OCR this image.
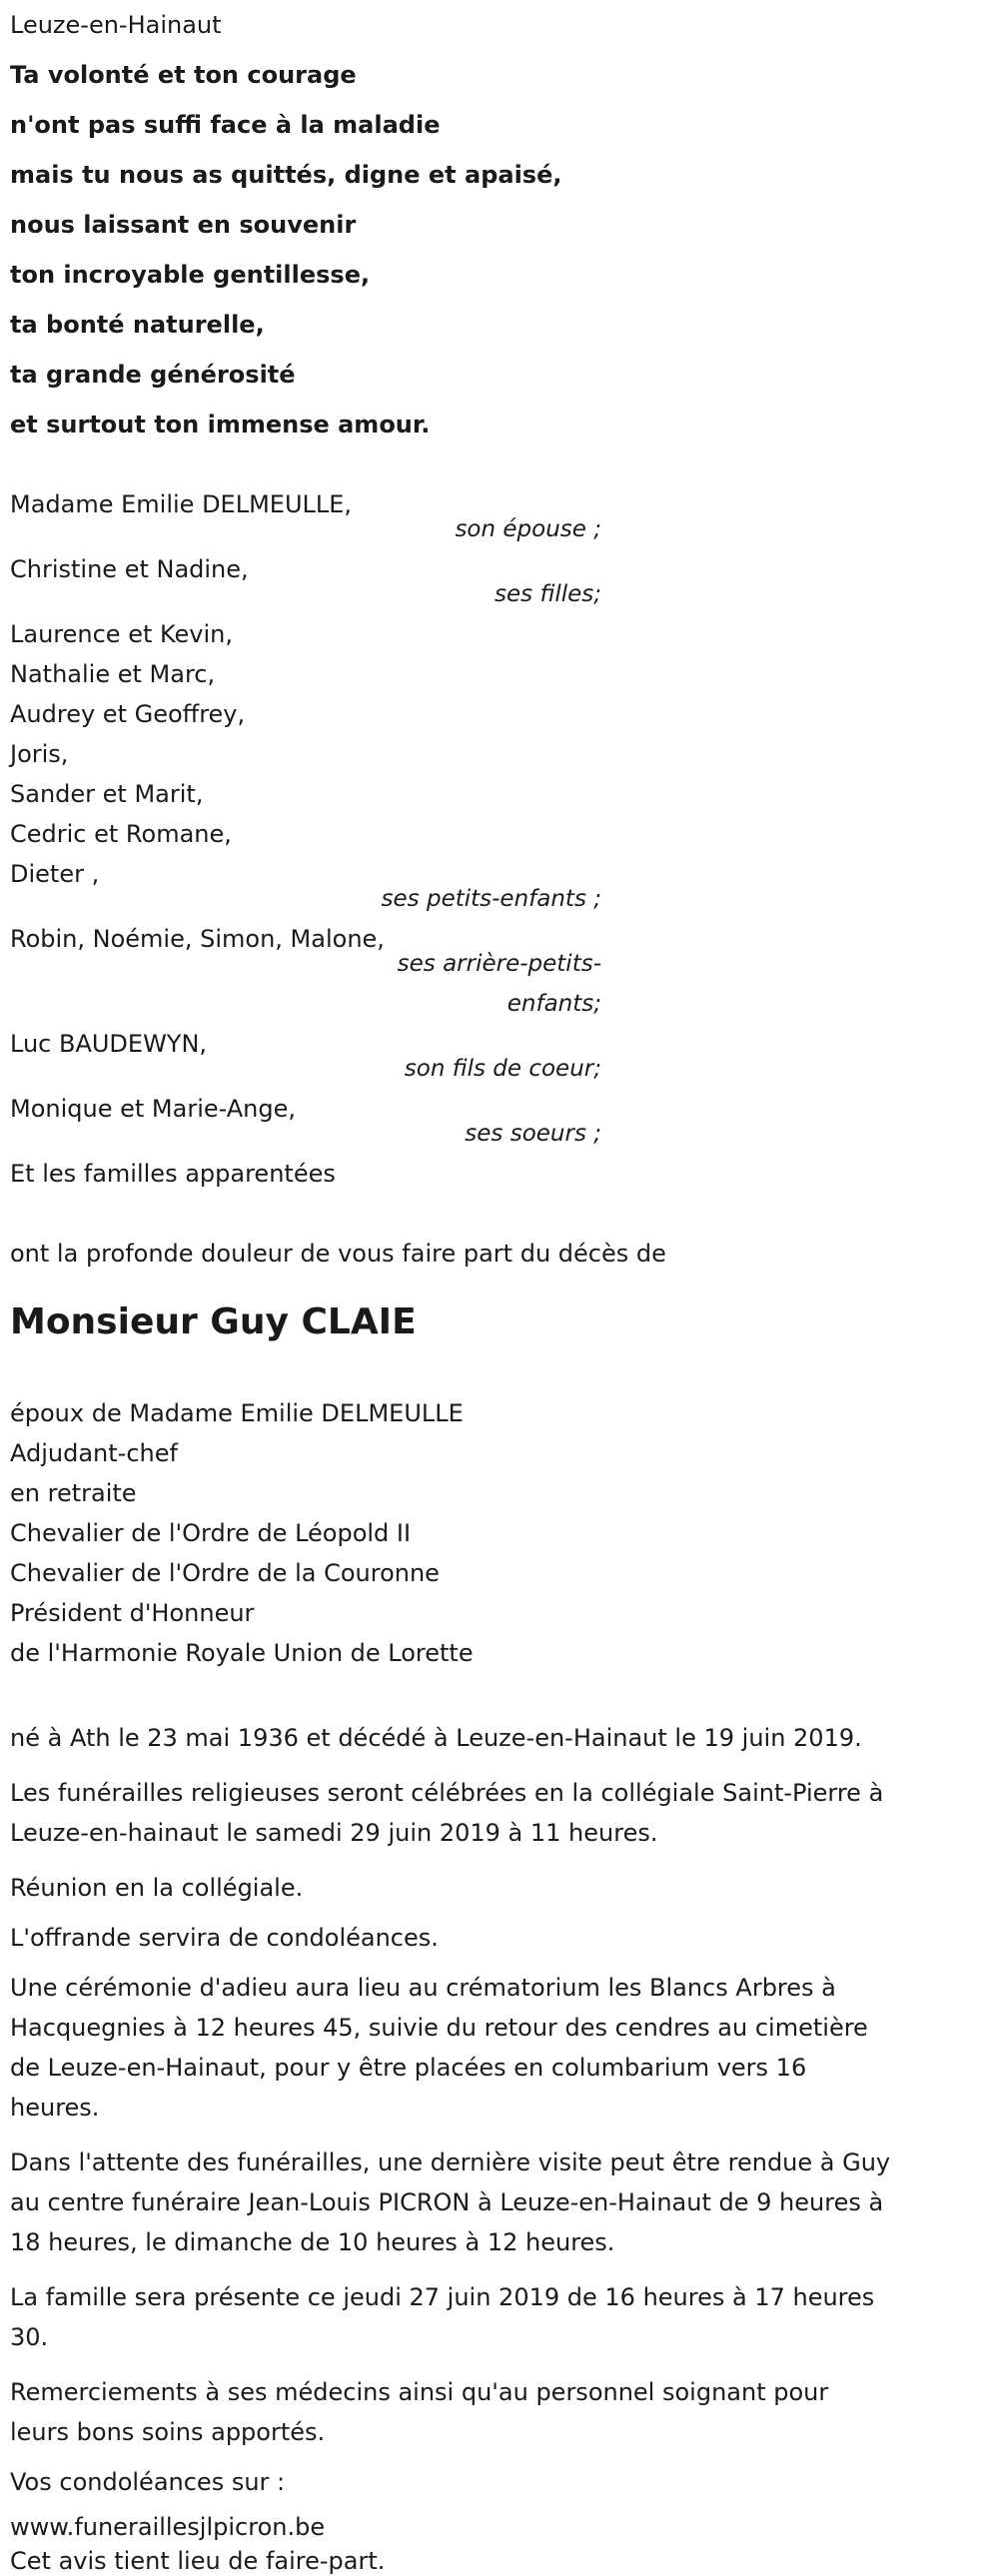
Leuze-en-Hainaut
Ta volonté et ton courage
n'ont pas suffi face à la maladie
mais tu nous as quittés, digne et apaisé,
nous laissant en souvenir
ton incroyable gentillesse,
ta bonté naturelle,
ta grande générosité
et surtout ton immense amour.
Madame Emilie DELMEULLE,
son épouse ;
Christine et Nadine,
ses filles;
Laurence et Kevin,
Nathalie et Marc,
Audrey et Geoffrey,
Joris,
Sander et Marit,
Cedric et Romane,
Dieter ,
ses petits-enfants ;
Robin, Noémie, Simon, Malone,
ses arrière-petits-
enfants;
Luc BAUDEWYN,
son fils de coeur;
Monique et Marie-Ange,
ses soeurs ;
Et les familles apparentées
ont la profonde douleur de vous faire part du décès de
Monsieur Guy CLAIE
époux de Madame Emilie DELMEULLE
Adjudant-chef
en retraite
Chevalier de l'Ordre de Léopold II
Chevalier de l'Ordre de la Couronne
Président d'Honneur
de l'Harmonie Royale Union de Lorette
né à Ath le 23 mai 1936 et décédé à Leuze-en-Hainaut le 19 juin 2019.
Les funérailles religieuses seront célébrées en la collégiale Saint-Pierre à
Leuze-en-hainaut le samedi 29 juin 2019 à 11 heures.
Réunion en la collégiale.
L'offrande servira de condoléances.
Une cérémonie d'adieu aura lieu au crématorium les Blancs Arbres à
Hacquegnies à 12 heures 45, suivie du retour des cendres au cimetière
de Leuze-en-Hainaut, pour y être placées en columbarium vers 16
heures.
Dans l'attente des funérailles, une dernière visite peut être rendue à Guy
au centre funéraire Jean-Louis PICRON à Leuze-en-Hainaut de 9 heures à
18 heures, le dimanche de 10 heures à 12 heures.
La famille sera présente ce jeudi 27 juin 2019 de 16 heures à 17 heures
30.
Remerciements à ses médecins ainsi qu'au personnel soignant pour
leurs bons soins apportés.
Vos condoléances sur :
www.funeraillesjlpicron.be
Cet avis tient lieu de faire-part.
